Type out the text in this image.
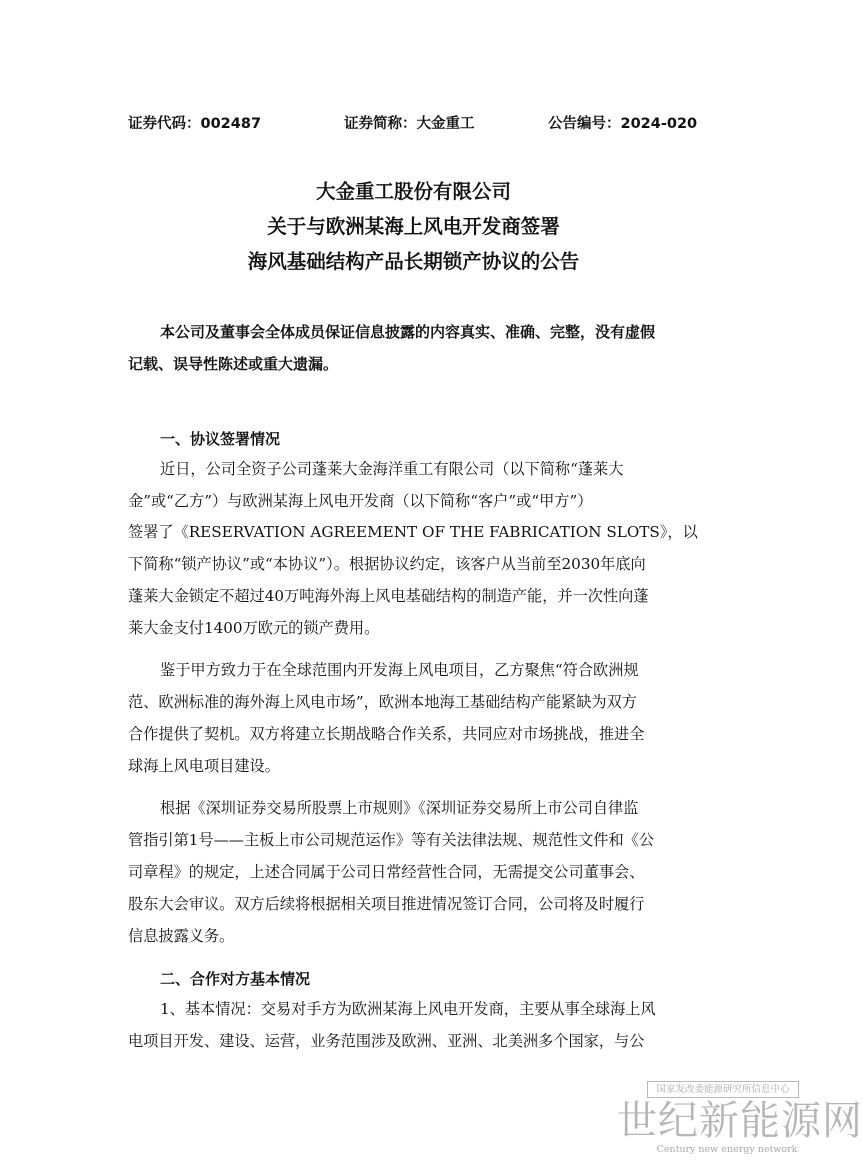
证券代码：002487	证券简称：大金重工	公告编号：2024-020
大金重工股份有限公司
关于与欧洲某海上风电开发商签署
海风基础结构产品长期锁产协议的公告
本公司及董事会全体成员保证信息披露的内容真实、准确、完整，没有虚假
记载、误导性陈述或重大遗漏。
一、协议签署情况
近日，公司全资子公司蓬莱大金海洋重工有限公司（以下简称“蓬莱大
金”或“乙方”）与欧洲某海上风电开发商（以下简称“客户”或“甲方”）
签署了《RESERVATION AGREEMENT OF THE FABRICATION SLOTS》，以
下简称“锁产协议”或“本协议”）。根据协议约定，该客户从当前至2030年底向
蓬莱大金锁定不超过40万吨海外海上风电基础结构的制造产能，并一次性向蓬
莱大金支付1400万欧元的锁产费用。
鉴于甲方致力于在全球范围内开发海上风电项目，乙方聚焦“符合欧洲规
范、欧洲标准的海外海上风电市场”，欧洲本地海工基础结构产能紧缺为双方
合作提供了契机。双方将建立长期战略合作关系，共同应对市场挑战，推进全
球海上风电项目建设。
根据《深圳证券交易所股票上市规则》《深圳证券交易所上市公司自律监
管指引第1号——主板上市公司规范运作》等有关法律法规、规范性文件和《公
司章程》的规定，上述合同属于公司日常经营性合同，无需提交公司董事会、
股东大会审议。双方后续将根据相关项目推进情况签订合同，公司将及时履行
信息披露义务。
二、合作对方基本情况
1、基本情况：交易对手方为欧洲某海上风电开发商，主要从事全球海上风
电项目开发、建设、运营，业务范围涉及欧洲、亚洲、北美洲多个国家，与公
国家发改委能源研究所信息中心
世纪新能源网
Century new energy network
